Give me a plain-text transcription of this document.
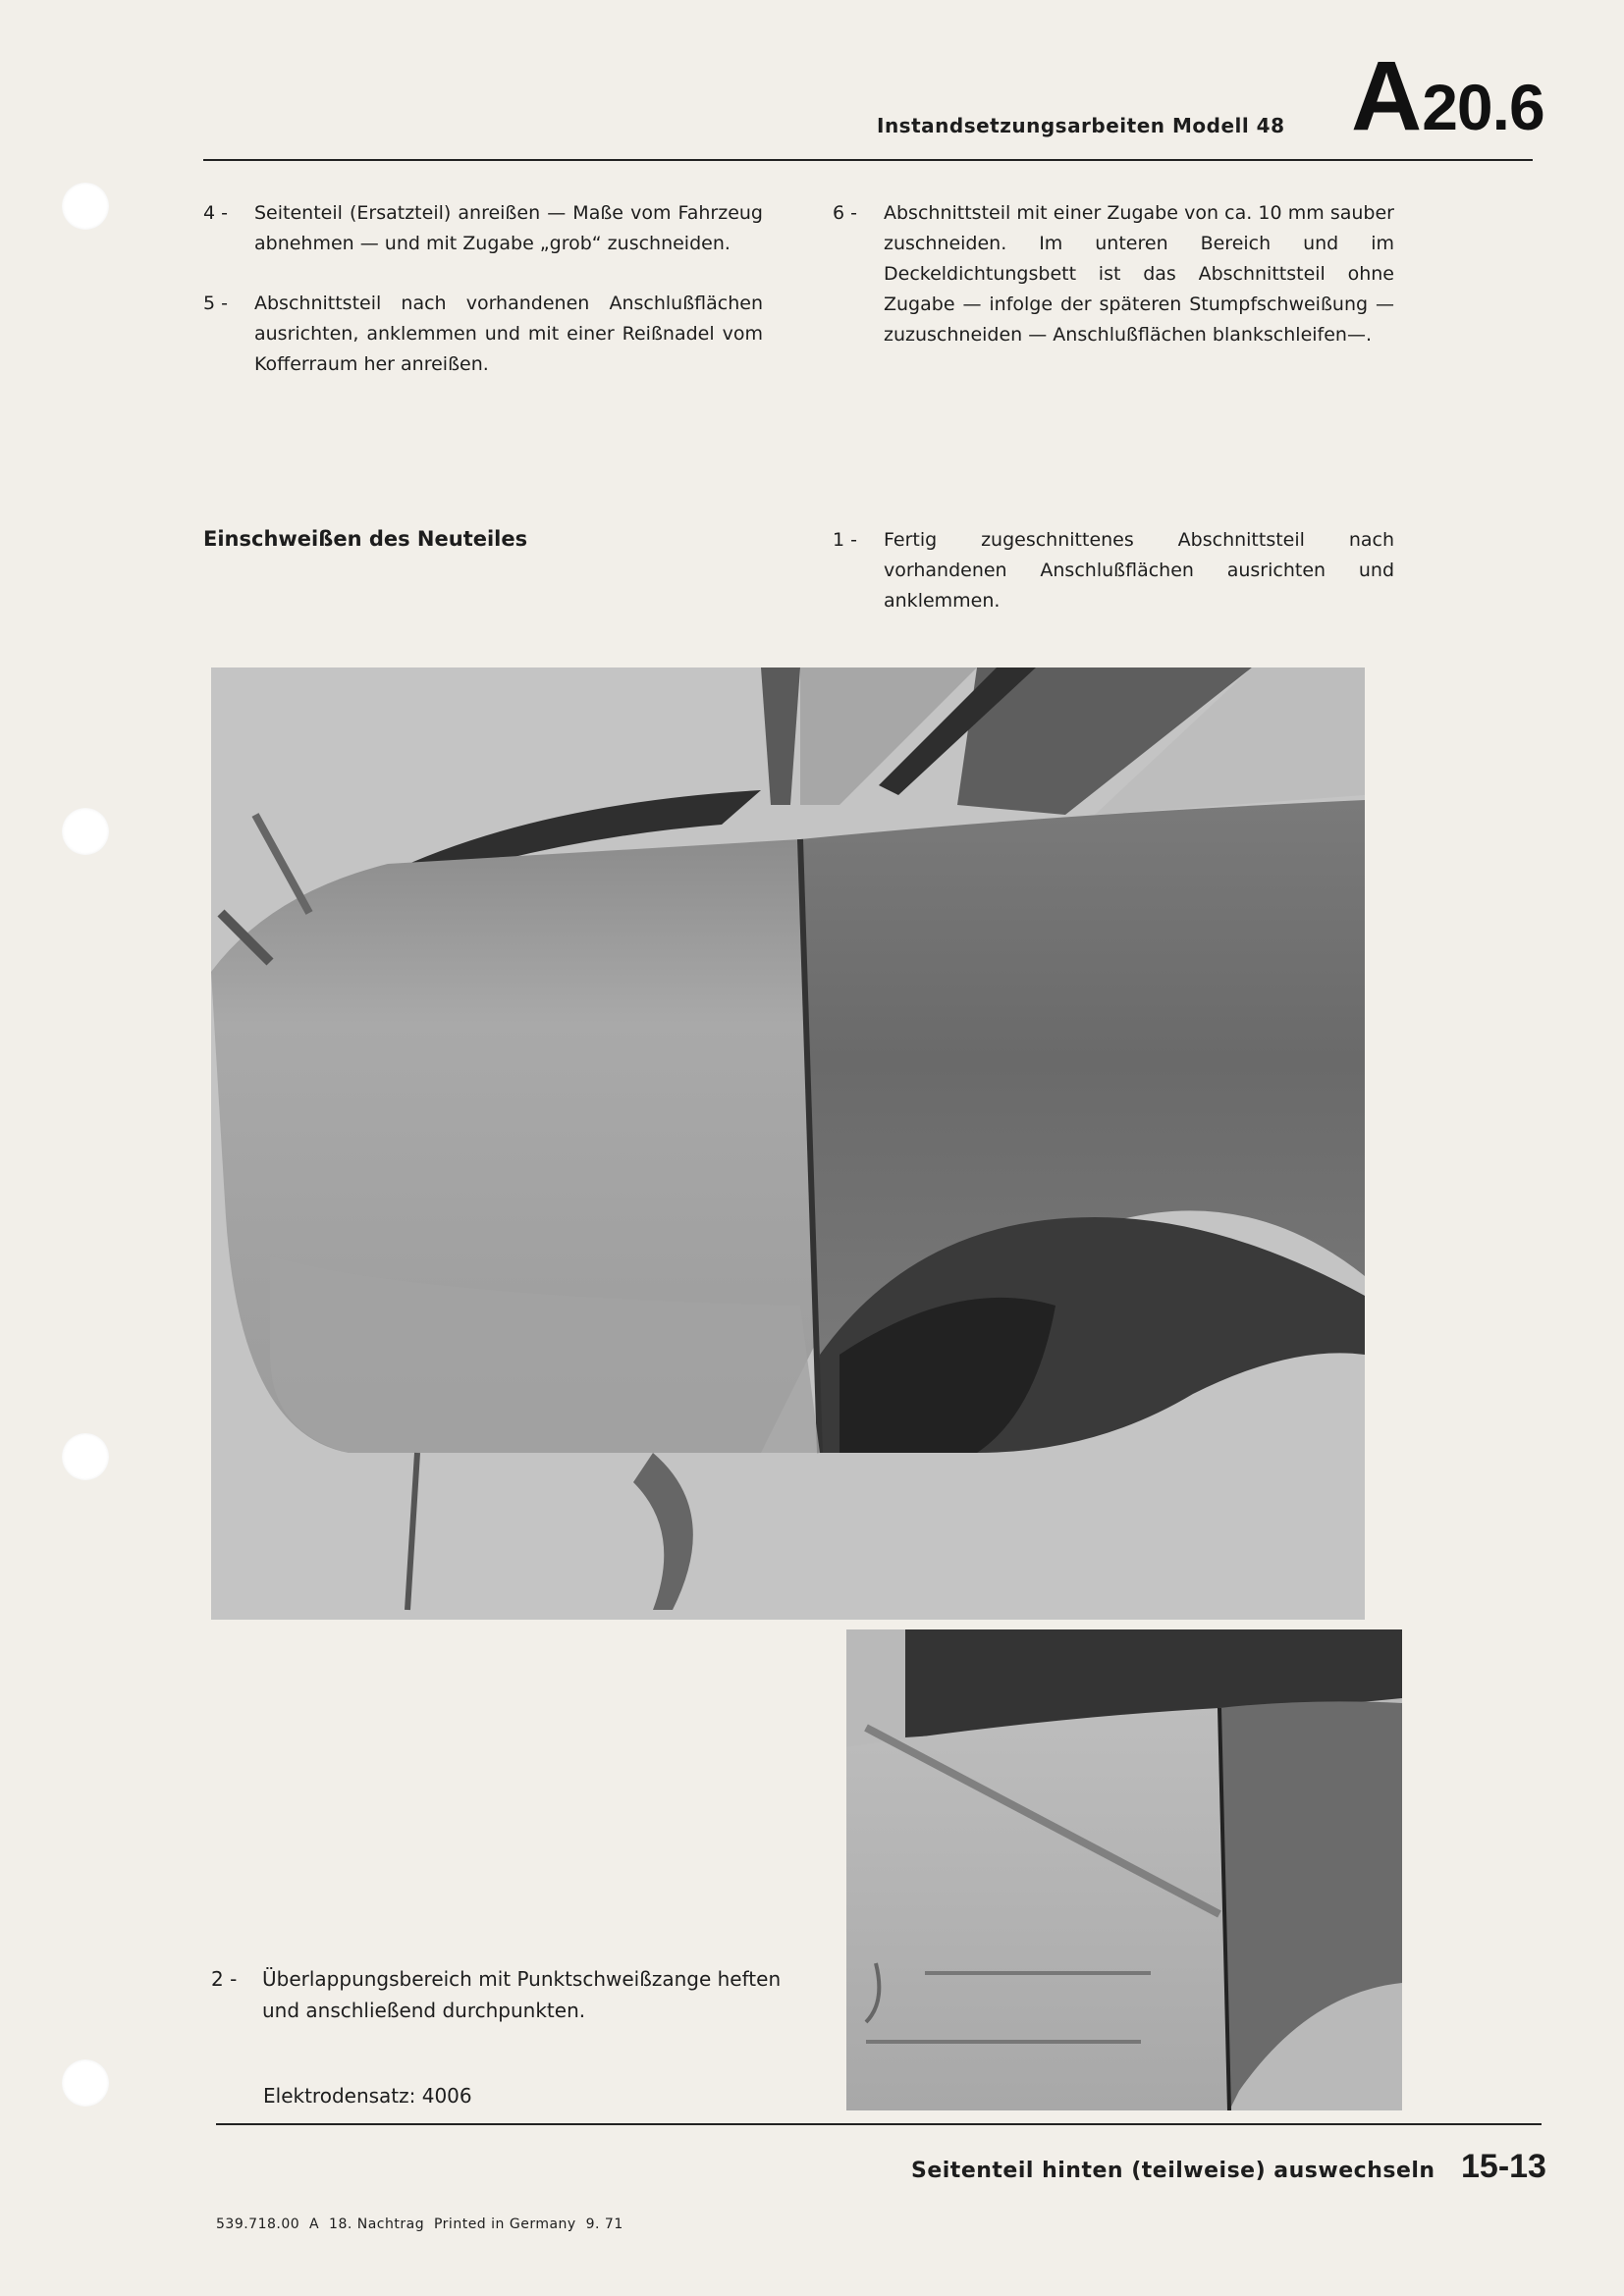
Instandsetzungsarbeiten Modell 48 A20.6
4 -	Seitenteil (Ersatzteil) anreißen — Maße vom Fahrzeug abnehmen — und mit Zugabe „grob“ zuschneiden.
5 -	Abschnittsteil nach vorhandenen Anschlußflächen ausrichten, anklemmen und mit einer Reißnadel vom Kofferraum her anreißen.
6 -	Abschnittsteil mit einer Zugabe von ca. 10 mm sauber zuschneiden. Im unteren Bereich und im Deckeldichtungsbett ist das Abschnittsteil ohne Zugabe — infolge der späteren Stumpfschweißung — zuzuschneiden — Anschlußflächen blankschleifen—.
Einschweißen des Neuteiles	1 -	Fertig zugeschnittenes Abschnittsteil nach vorhandenen Anschlußflächen ausrichten und anklemmen.
2 -	Überlappungsbereich mit Punktschweißzange heften und anschließend durchpunkten.
Elektrodensatz: 4006
Seitenteil hinten (teilweise) auswechseln 15-13
539.718.00  A  18. Nachtrag  Printed in Germany  9. 71
